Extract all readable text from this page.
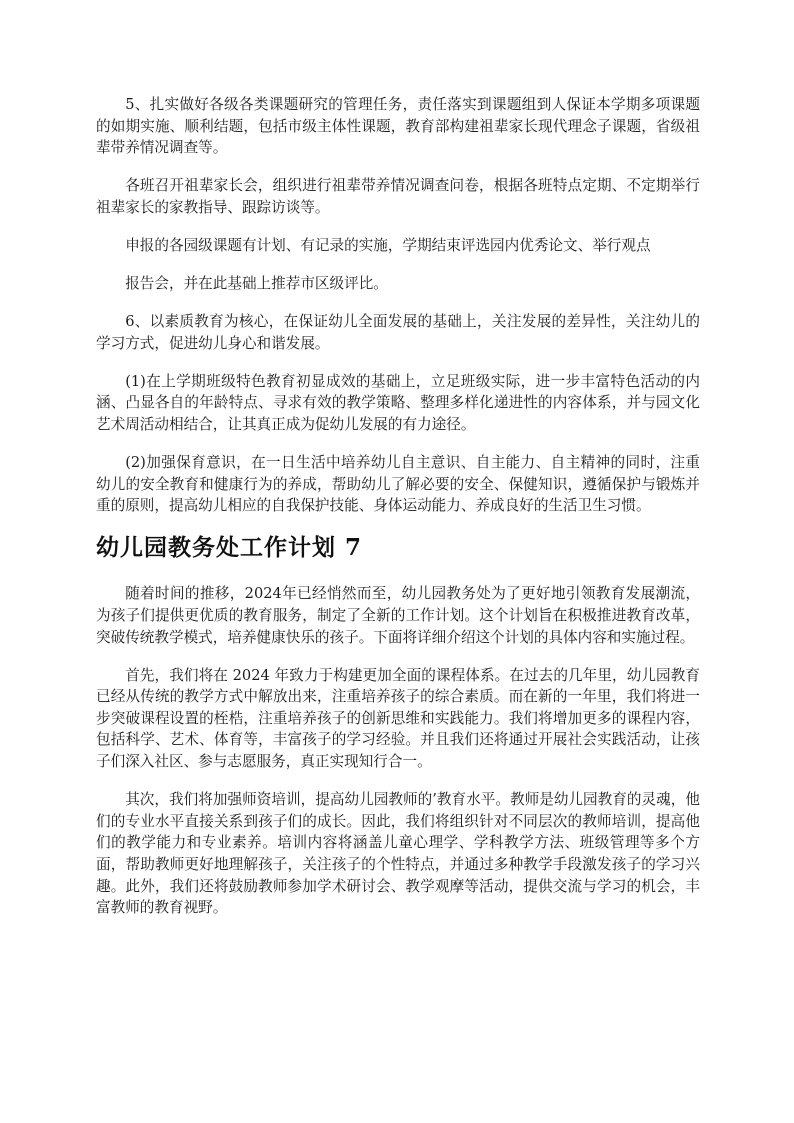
5、扎实做好各级各类课题研究的管理任务，责任落实到课题组到人保证本学期多项课题的如期实施、顺利结题，包括市级主体性课题，教育部构建祖辈家长现代理念子课题，省级祖辈带养情况调查等。

各班召开祖辈家长会，组织进行祖辈带养情况调查问卷，根据各班特点定期、不定期举行祖辈家长的家教指导、跟踪访谈等。

申报的各园级课题有计划、有记录的实施，学期结束评选园内优秀论文、举行观点

报告会，并在此基础上推荐市区级评比。

6、以素质教育为核心，在保证幼儿全面发展的基础上，关注发展的差异性，关注幼儿的学习方式，促进幼儿身心和谐发展。

(1)在上学期班级特色教育初显成效的基础上，立足班级实际，进一步丰富特色活动的内涵、凸显各自的年龄特点、寻求有效的教学策略、整理多样化递进性的内容体系，并与园文化艺术周活动相结合，让其真正成为促幼儿发展的有力途径。

(2)加强保育意识，在一日生活中培养幼儿自主意识、自主能力、自主精神的同时，注重幼儿的安全教育和健康行为的养成，帮助幼儿了解必要的安全、保健知识，遵循保护与锻炼并重的原则，提高幼儿相应的自我保护技能、身体运动能力、养成良好的生活卫生习惯。

幼儿园教务处工作计划 7

随着时间的推移，2024年已经悄然而至，幼儿园教务处为了更好地引领教育发展潮流，为孩子们提供更优质的教育服务，制定了全新的工作计划。这个计划旨在积极推进教育改革，突破传统教学模式，培养健康快乐的孩子。下面将详细介绍这个计划的具体内容和实施过程。

首先，我们将在 2024 年致力于构建更加全面的课程体系。在过去的几年里，幼儿园教育已经从传统的教学方式中解放出来，注重培养孩子的综合素质。而在新的一年里，我们将进一步突破课程设置的桎梏，注重培养孩子的创新思维和实践能力。我们将增加更多的课程内容，包括科学、艺术、体育等，丰富孩子的学习经验。并且我们还将通过开展社会实践活动，让孩子们深入社区、参与志愿服务，真正实现知行合一。

其次，我们将加强师资培训，提高幼儿园教师的’教育水平。教师是幼儿园教育的灵魂，他们的专业水平直接关系到孩子们的成长。因此，我们将组织针对不同层次的教师培训，提高他们的教学能力和专业素养。培训内容将涵盖儿童心理学、学科教学方法、班级管理等多个方面，帮助教师更好地理解孩子，关注孩子的个性特点，并通过多种教学手段激发孩子的学习兴趣。此外，我们还将鼓励教师参加学术研讨会、教学观摩等活动，提供交流与学习的机会，丰富教师的教育视野。
